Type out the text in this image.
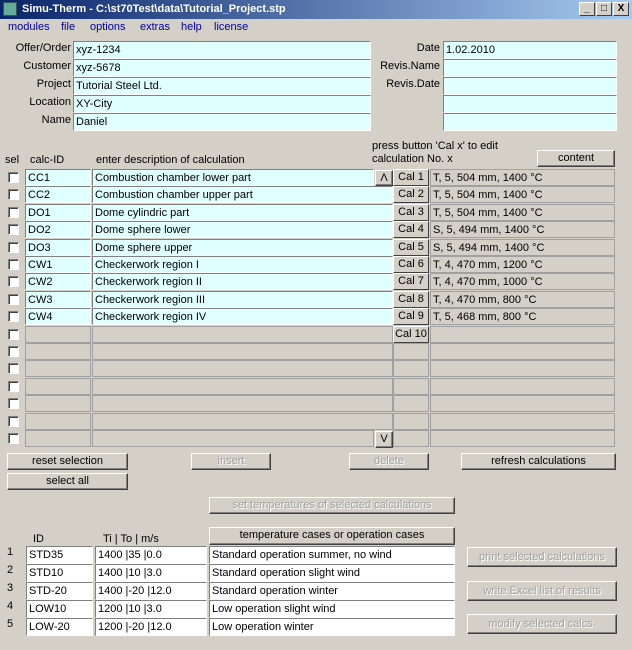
Simu-Therm - C:\st70Test\data\Tutorial_Project.stp	_	□	X
modules file options extras help license
Offer/Order xyz-1234
Customer xyz-5678
Project Tutorial Steel Ltd.
Location XY-City
Name Daniel
Date 1.02.2010
Revis.Name
Revis.Date
sel calc-ID	enter description of calculation
press button 'Cal x' to edit calculation No. x	content
CC1	Combustion chamber lower part	Cal 1 T, 5, 504 mm, 1400 °C
CC2	Combustion chamber upper part	Cal 2 T, 5, 504 mm, 1400 °C
DO1	Dome cylindric part	Cal 3 T, 5, 504 mm, 1400 °C
DO2	Dome sphere lower	Cal 4 S, 5, 494 mm, 1400 °C
DO3	Dome sphere upper	Cal 5 S, 5, 494 mm, 1400 °C
CW1	Checkerwork region I	Cal 6 T, 4, 470 mm, 1200 °C
CW2	Checkerwork region II	Cal 7 T, 4, 470 mm, 1000 °C
CW3	Checkerwork region III	Cal 8 T, 4, 470 mm, 800 °C
CW4	Checkerwork region IV	Cal 9 T, 5, 468 mm, 800 °C
Cal 10
Λ
V
reset selection	insert	delete	refresh calculations
select all
set temperatures of selected calculations
ID	Ti | To | m/s	temperature cases or operation cases
1 STD35	1400 |35 |0.0	Standard operation summer, no wind
2 STD10	1400 |10 |3.0	Standard operation slight wind
3 STD-20	1400 |-20 |12.0	Standard operation winter
4 LOW10	1200 |10 |3.0	Low operation slight wind
5 LOW-20	1200 |-20 |12.0	Low operation winter
print selected calculations
write Excel list of results
modify selected calcs.
